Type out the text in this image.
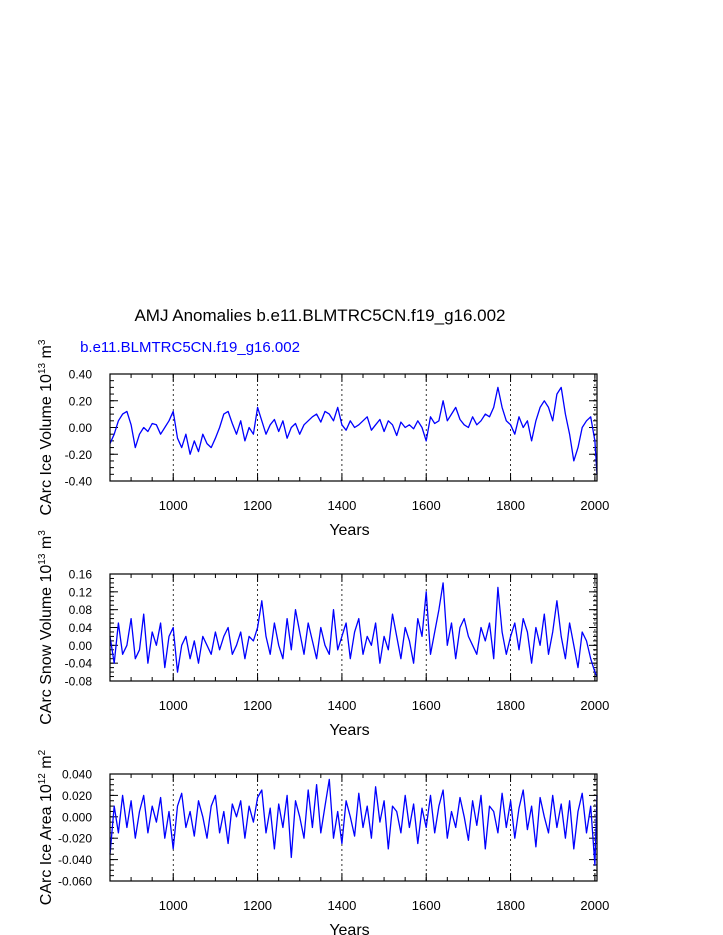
AMJ Anomalies b.e11.BLMTRC5CN.f19_g16.002
b.e11.BLMTRC5CN.f19_g16.002
1000	1200	1400	1600	1800	2000
-0.40
-0.20
0.00
0.20
0.40
Years
CArc Ice Volume $10^{13}$ $m^3$
1000	1200	1400	1600	1800	2000
-0.08
-0.04
0.00
0.04
0.08
0.12
0.16
Years
CArc Snow Volume $10^{13}$ $m^3$
1000	1200	1400	1600	1800	2000
-0.060
-0.040
-0.020
0.000
0.020
0.040
Years
CArc Ice Area $10^{12}$ $m^2$
